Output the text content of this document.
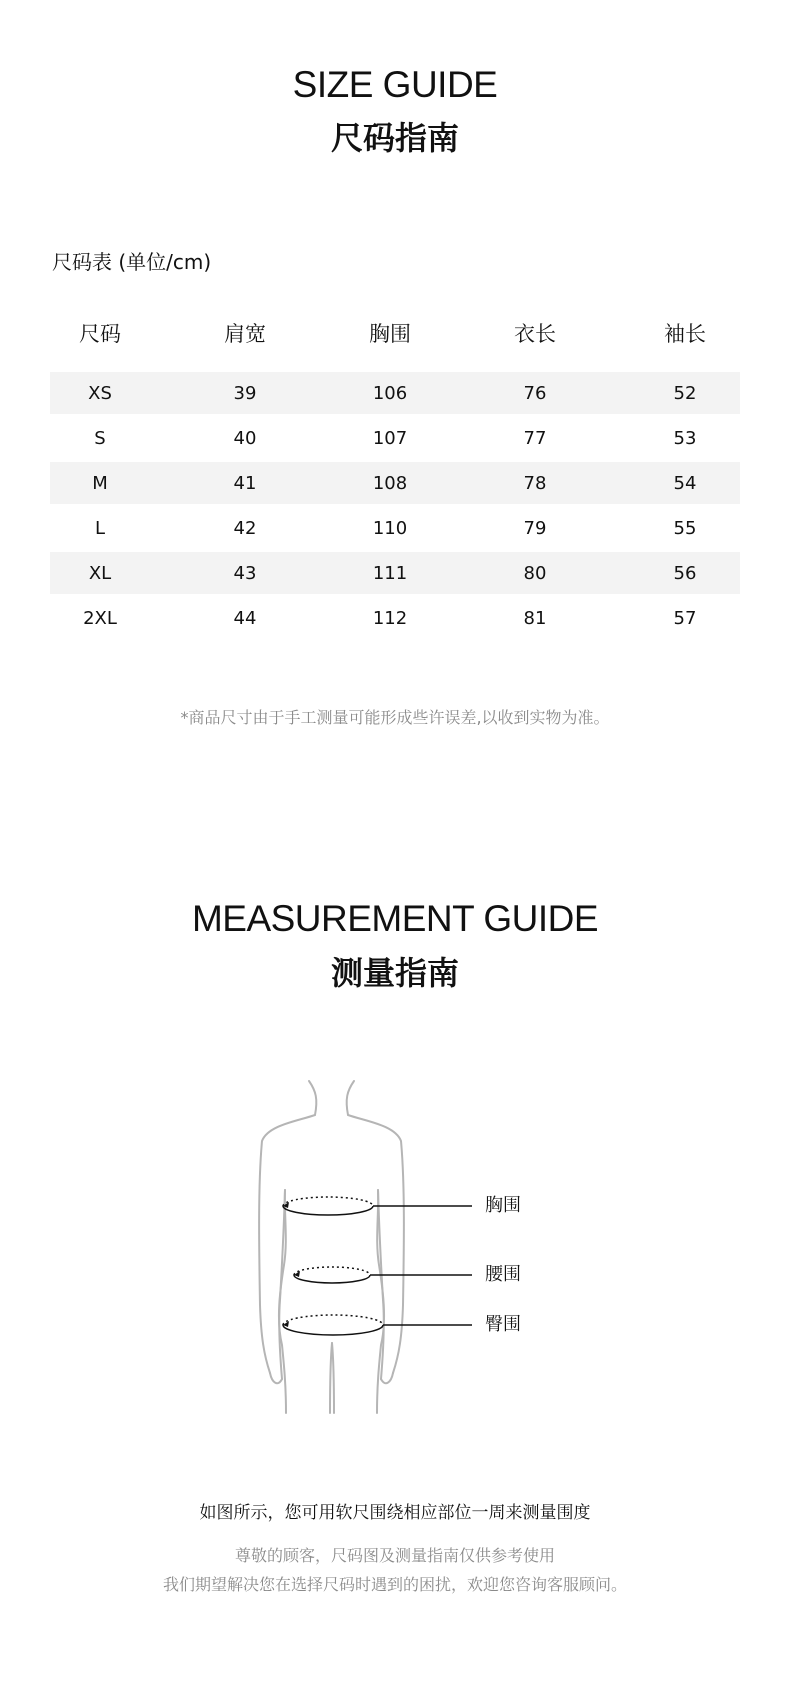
SIZE GUIDE
尺码指南
尺码表 (单位/cm)
尺码	肩宽	胸围	衣长	袖长
XS	39	106	76	52
S	40	107	77	53
M	41	108	78	54
L	42	110	79	55
XL	43	111	80	56
2XL	44	112	81	57
*商品尺寸由于手工测量可能形成些许误差,以收到实物为准。
MEASUREMENT GUIDE
测量指南
胸围
腰围
臀围
如图所示，您可用软尺围绕相应部位一周来测量围度
尊敬的顾客，尺码图及测量指南仅供参考使用
我们期望解决您在选择尺码时遇到的困扰，欢迎您咨询客服顾问。
